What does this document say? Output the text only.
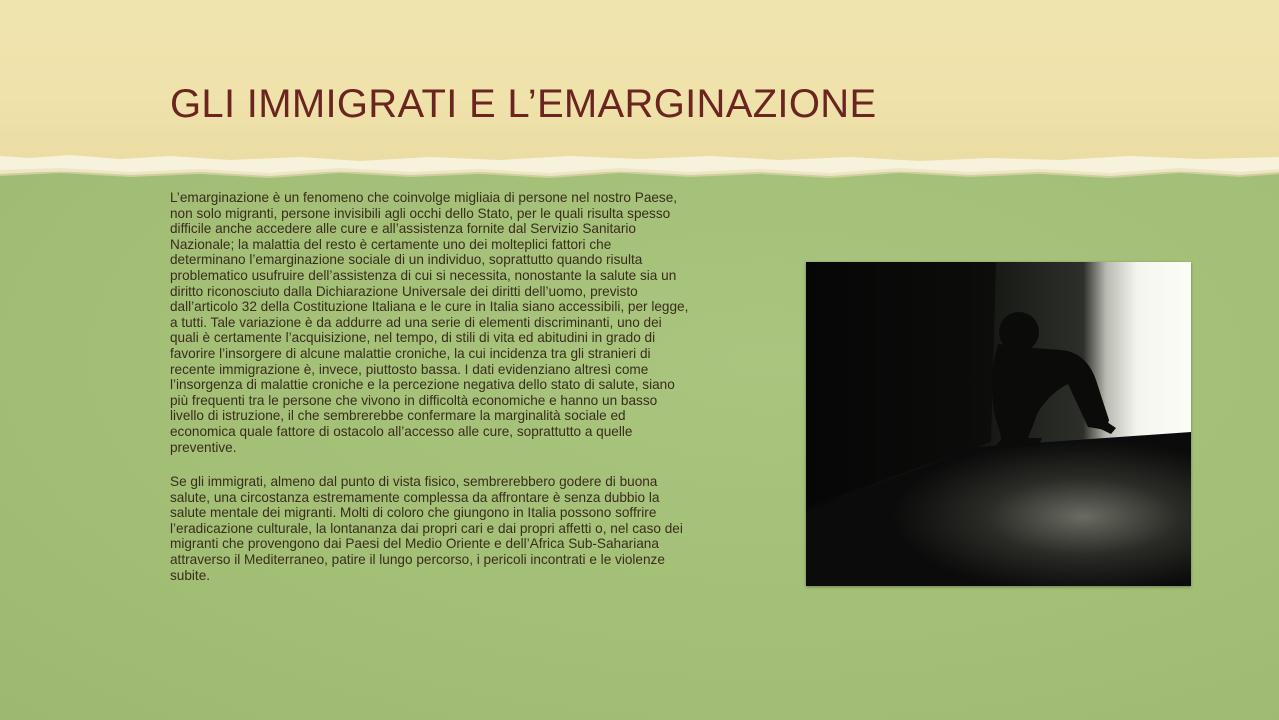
GLI IMMIGRATI E L’EMARGINAZIONE

L’emarginazione è un fenomeno che coinvolge migliaia di persone nel nostro Paese, non solo migranti, persone invisibili agli occhi dello Stato, per le quali risulta spesso difficile anche accedere alle cure e all’assistenza fornite dal Servizio Sanitario Nazionale; la malattia del resto è certamente uno dei molteplici fattori che determinano l’emarginazione sociale di un individuo, soprattutto quando risulta problematico usufruire dell’assistenza di cui si necessita, nonostante la salute sia un diritto riconosciuto dalla Dichiarazione Universale dei diritti dell’uomo, previsto dall’articolo 32 della Costituzione Italiana e le cure in Italia siano accessibili, per legge, a tutti. Tale variazione è da addurre ad una serie di elementi discriminanti, uno dei quali è certamente l’acquisizione, nel tempo, di stili di vita ed abitudini in grado di favorire l’insorgere di alcune malattie croniche, la cui incidenza tra gli stranieri di recente immigrazione è, invece, piuttosto bassa. I dati evidenziano altresì come l’insorgenza di malattie croniche e la percezione negativa dello stato di salute, siano più frequenti tra le persone che vivono in difficoltà economiche e hanno un basso livello di istruzione, il che sembrerebbe confermare la marginalità sociale ed economica quale fattore di ostacolo all’accesso alle cure, soprattutto a quelle preventive.

Se gli immigrati, almeno dal punto di vista fisico, sembrerebbero godere di buona salute, una circostanza estremamente complessa da affrontare è senza dubbio la salute mentale dei migranti. Molti di coloro che giungono in Italia possono soffrire l’eradicazione culturale, la lontananza dai propri cari e dai propri affetti o, nel caso dei migranti che provengono dai Paesi del Medio Oriente e dell’Africa Sub-Sahariana attraverso il Mediterraneo, patire il lungo percorso, i pericoli incontrati e le violenze subite.
